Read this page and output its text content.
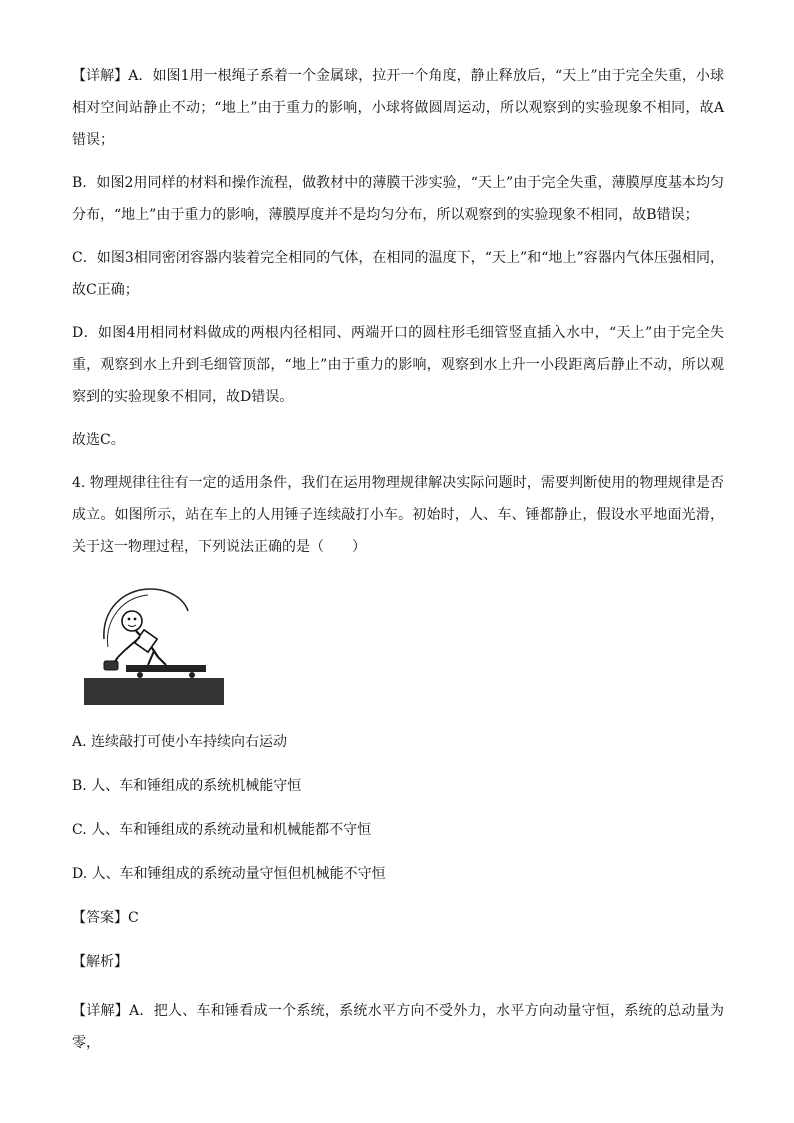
【详解】A．如图1用一根绳子系着一个金属球，拉开一个角度，静止释放后，“天上”由于完全失重，小球相对空间站静止不动；“地上”由于重力的影响，小球将做圆周运动，所以观察到的实验现象不相同，故A错误；

B．如图2用同样的材料和操作流程，做教材中的薄膜干涉实验，“天上”由于完全失重，薄膜厚度基本均匀分布，“地上”由于重力的影响，薄膜厚度并不是均匀分布，所以观察到的实验现象不相同，故B错误；

C．如图3相同密闭容器内装着完全相同的气体，在相同的温度下，“天上”和“地上”容器内气体压强相同，故C正确；

D．如图4用相同材料做成的两根内径相同、两端开口的圆柱形毛细管竖直插入水中，“天上”由于完全失重，观察到水上升到毛细管顶部，“地上”由于重力的影响，观察到水上升一小段距离后静止不动，所以观察到的实验现象不相同，故D错误。

故选C。

4. 物理规律往往有一定的适用条件，我们在运用物理规律解决实际问题时，需要判断使用的物理规律是否成立。如图所示，站在车上的人用锤子连续敲打小车。初始时，人、车、锤都静止，假设水平地面光滑，关于这一物理过程，下列说法正确的是（　　）

A. 连续敲打可使小车持续向右运动

B. 人、车和锤组成的系统机械能守恒

C. 人、车和锤组成的系统动量和机械能都不守恒

D. 人、车和锤组成的系统动量守恒但机械能不守恒

【答案】C

【解析】

【详解】A．把人、车和锤看成一个系统，系统水平方向不受外力，水平方向动量守恒，系统的总动量为零，
